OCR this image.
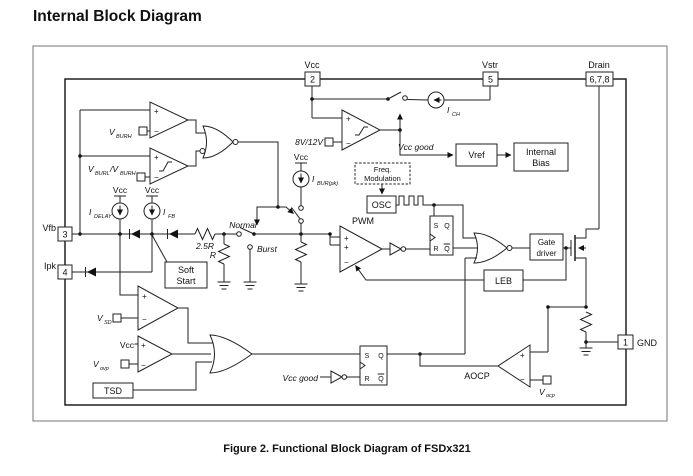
Internal Block Diagram
Vcc
2
Vstr
5
Drain
6,7,8
I CH
+
−
8V/12V	Vcc good
Vref	Internal
Bias
Freq.
Modulation
OSC
PWM
+
+
−
S Q
R Q
Gate
driver
LEB
1 GND
+
−
V ocp
AOCP
S Q
R Q
Vcc good
+
−
V BURH
+
−
V BURL /V BURH
Vcc
I DELAY
Vcc
I FB
Vfb
3
Ipk
4
2.5R
R
Normal
Burst
Vcc
I BUR(pk)
Soft
Start
+
−
V SD
+
−
Vcc
V ovp
TSD
Figure 2. Functional Block Diagram of FSDx321
